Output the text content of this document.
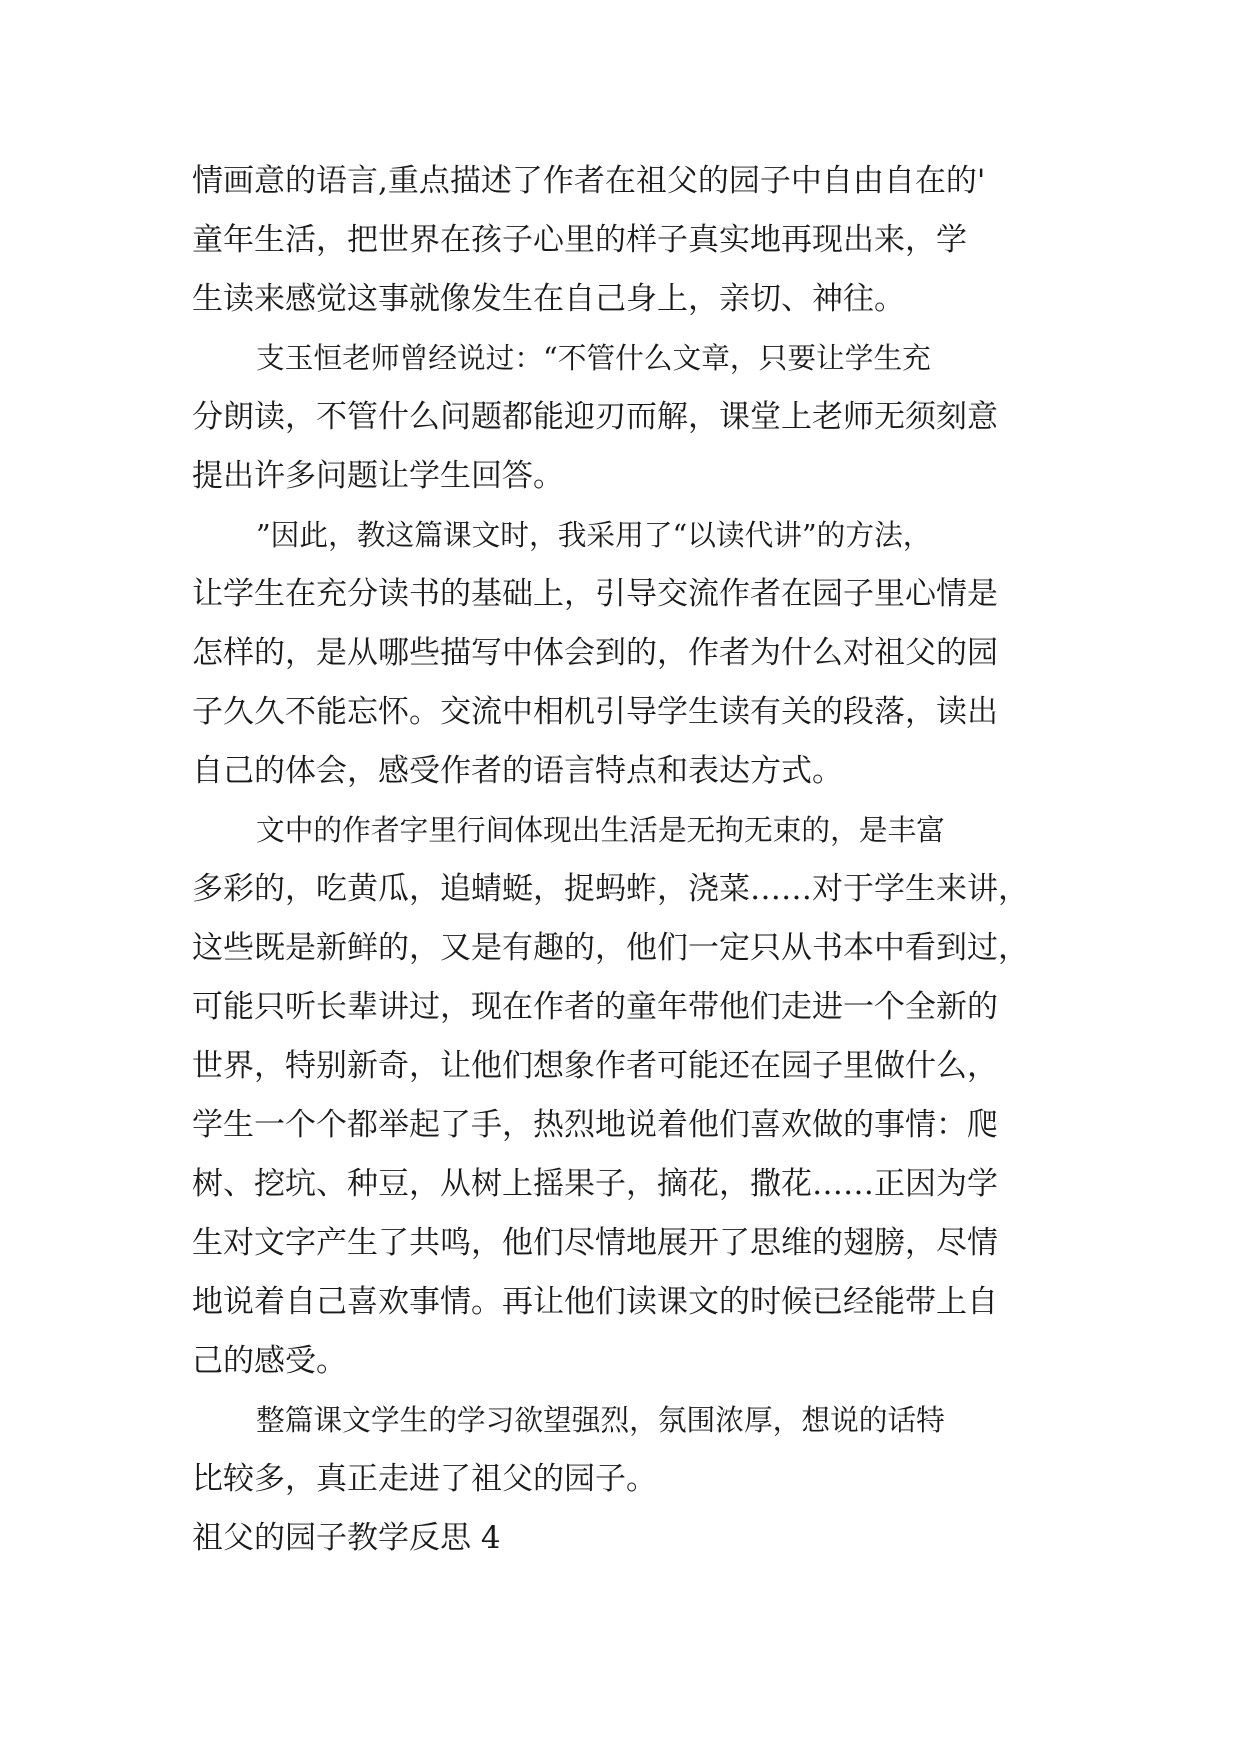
情画意的语言,重点描述了作者在祖父的园子中自由自在的'
童年生活，把世界在孩子心里的样子真实地再现出来，学
生读来感觉这事就像发生在自己身上，亲切、神往。
支玉恒老师曾经说过：“不管什么文章，只要让学生充
分朗读，不管什么问题都能迎刃而解，课堂上老师无须刻意
提出许多问题让学生回答。
”因此，教这篇课文时，我采用了“以读代讲”的方法，
让学生在充分读书的基础上，引导交流作者在园子里心情是
怎样的，是从哪些描写中体会到的，作者为什么对祖父的园
子久久不能忘怀。交流中相机引导学生读有关的段落，读出
自己的体会，感受作者的语言特点和表达方式。
文中的作者字里行间体现出生活是无拘无束的，是丰富
多彩的，吃黄瓜，追蜻蜓，捉蚂蚱，浇菜……对于学生来讲，
这些既是新鲜的，又是有趣的，他们一定只从书本中看到过，
可能只听长辈讲过，现在作者的童年带他们走进一个全新的
世界，特别新奇，让他们想象作者可能还在园子里做什么，
学生一个个都举起了手，热烈地说着他们喜欢做的事情：爬
树、挖坑、种豆，从树上摇果子，摘花，撒花……正因为学
生对文字产生了共鸣，他们尽情地展开了思维的翅膀，尽情
地说着自己喜欢事情。再让他们读课文的时候已经能带上自
己的感受。
整篇课文学生的学习欲望强烈，氛围浓厚，想说的话特
比较多，真正走进了祖父的园子。
祖父的园子教学反思 4
